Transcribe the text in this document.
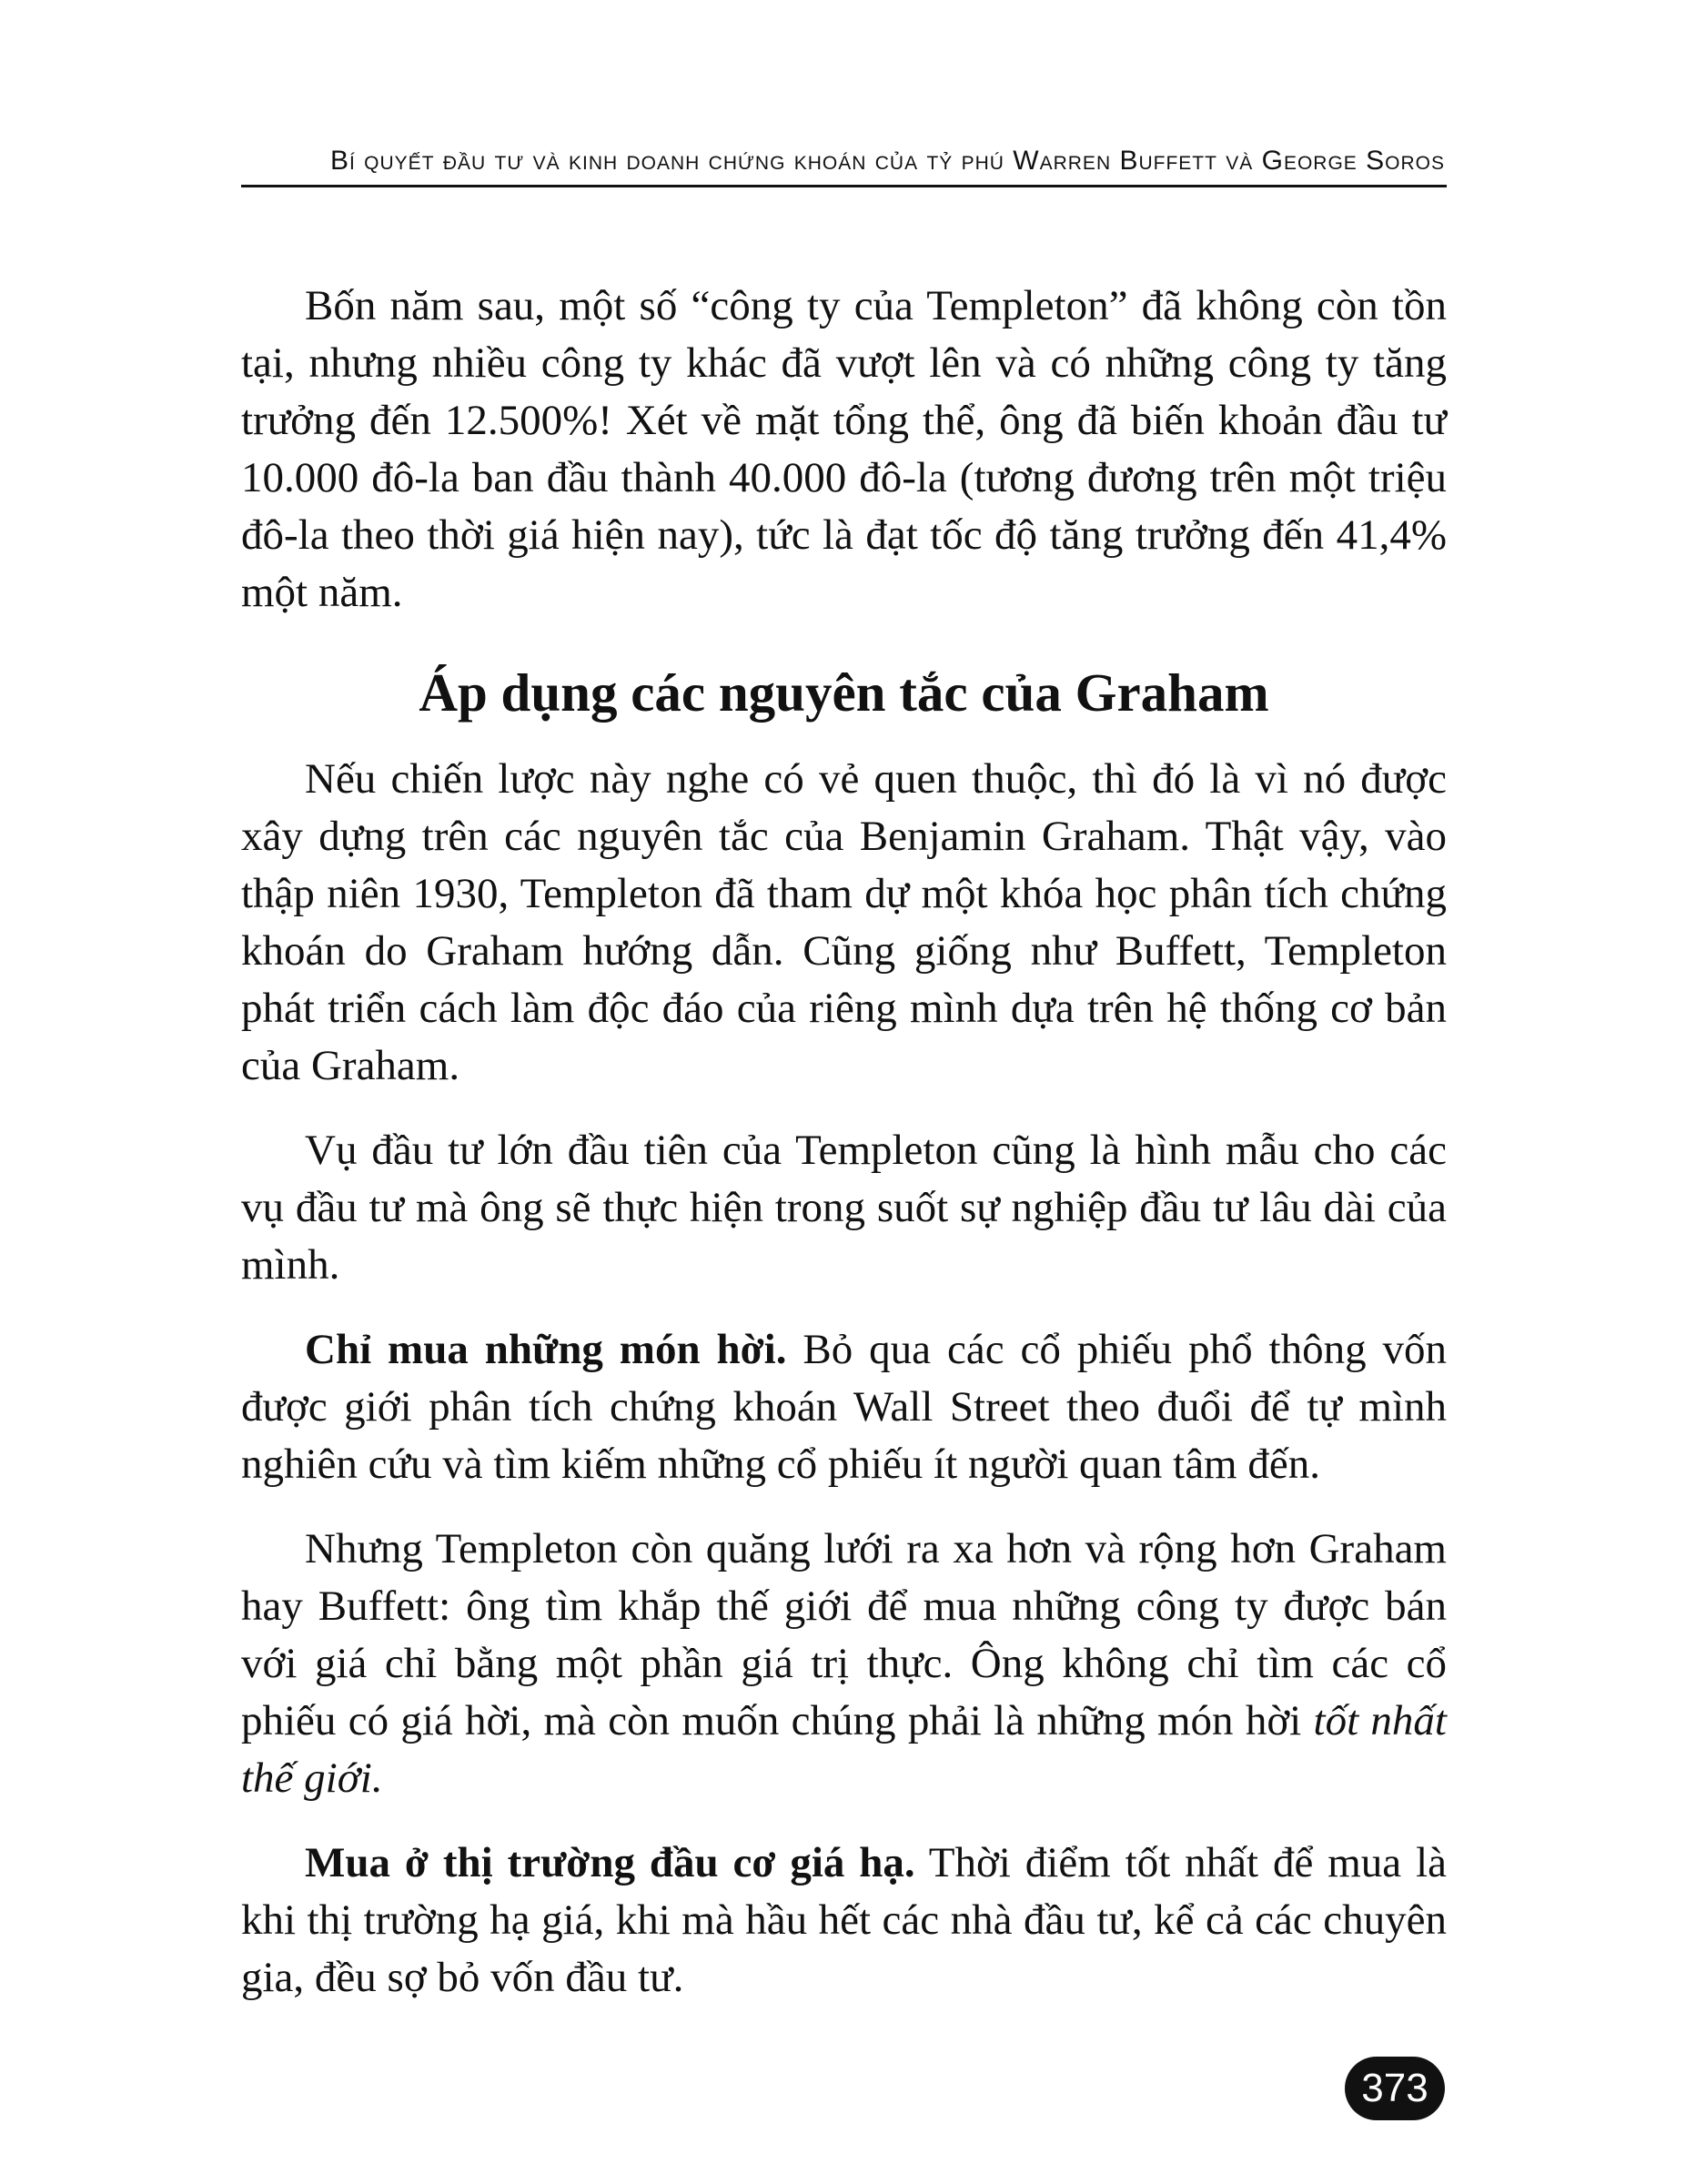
Bí quyết đầu tư và kinh doanh chứng khoán của tỷ phú Warren Buffett và George Soros

Bốn năm sau, một số “công ty của Templeton” đã không còn tồn tại, nhưng nhiều công ty khác đã vượt lên và có những công ty tăng trưởng đến 12.500%! Xét về mặt tổng thể, ông đã biến khoản đầu tư 10.000 đô-la ban đầu thành 40.000 đô-la (tương đương trên một triệu đô-la theo thời giá hiện nay), tức là đạt tốc độ tăng trưởng đến 41,4% một năm.

Áp dụng các nguyên tắc của Graham

Nếu chiến lược này nghe có vẻ quen thuộc, thì đó là vì nó được xây dựng trên các nguyên tắc của Benjamin Graham. Thật vậy, vào thập niên 1930, Templeton đã tham dự một khóa học phân tích chứng khoán do Graham hướng dẫn. Cũng giống như Buffett, Templeton phát triển cách làm độc đáo của riêng mình dựa trên hệ thống cơ bản của Graham.

Vụ đầu tư lớn đầu tiên của Templeton cũng là hình mẫu cho các vụ đầu tư mà ông sẽ thực hiện trong suốt sự nghiệp đầu tư lâu dài của mình.

Chỉ mua những món hời. Bỏ qua các cổ phiếu phổ thông vốn được giới phân tích chứng khoán Wall Street theo đuổi để tự mình nghiên cứu và tìm kiếm những cổ phiếu ít người quan tâm đến.

Nhưng Templeton còn quăng lưới ra xa hơn và rộng hơn Graham hay Buffett: ông tìm khắp thế giới để mua những công ty được bán với giá chỉ bằng một phần giá trị thực. Ông không chỉ tìm các cổ phiếu có giá hời, mà còn muốn chúng phải là những món hời tốt nhất thế giới.

Mua ở thị trường đầu cơ giá hạ. Thời điểm tốt nhất để mua là khi thị trường hạ giá, khi mà hầu hết các nhà đầu tư, kể cả các chuyên gia, đều sợ bỏ vốn đầu tư.

373
